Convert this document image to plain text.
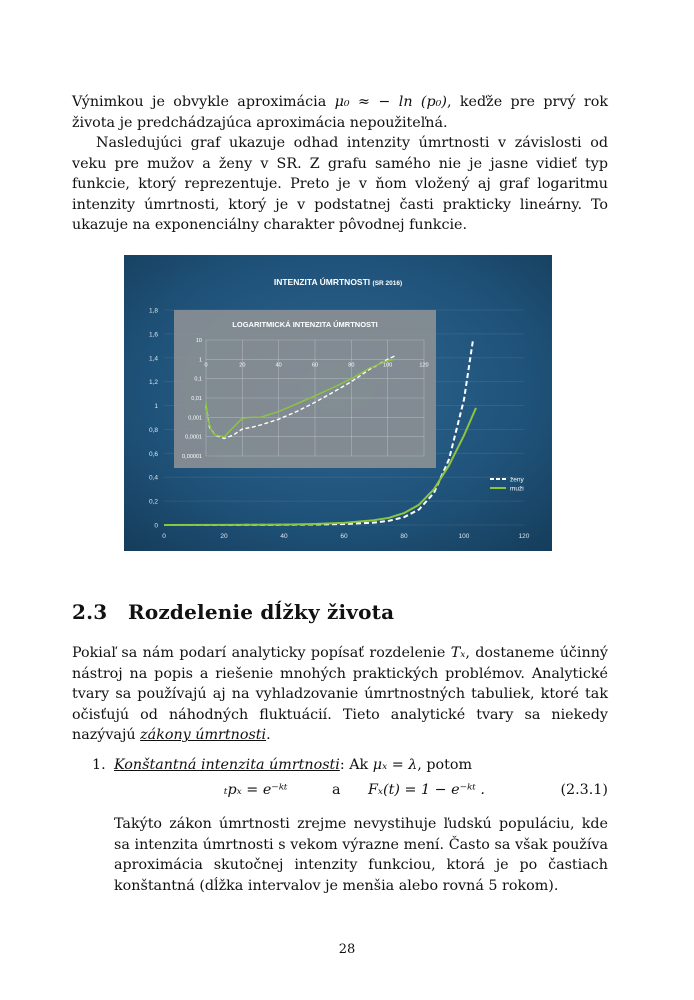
Výnimkou je obvykle aproximácia μ₀ ≈ − ln (p₀), keďže pre prvý rok života je predchádzajúca aproximácia nepoužiteľná.
Nasledujúci graf ukazuje odhad intenzity úmrtnosti v závislosti od veku pre mužov a ženy v SR. Z grafu samého nie je jasne vidieť typ funkcie, ktorý reprezentuje. Preto je v ňom vložený aj graf logaritmu intenzity úmrtnosti, ktorý je v podstatnej časti prakticky lineárny. To ukazuje na exponenciálny charakter pôvodnej funkcie.
INTENZITA ÚMRTNOSTI (SR 2016)
0
0,2
0,4
0,6
0,8
1
1,2
1,4
1,6
1,8
0	20	40	60	80	100	120
LOGARITMICKÁ INTENZITA ÚMRTNOSTI
10
1
0,1
0,01
0,001
0,0001
0,00001
0	20	40	60	80	100	120
ženy
muži
2.3 Rozdelenie dĺžky života
Pokiaľ sa nám podarí analyticky popísať rozdelenie Tₓ, dostaneme účinný nástroj na popis a riešenie mnohých praktických problémov. Analytické tvary sa používajú aj na vyhladzovanie úmrtnostných tabuliek, ktoré tak očisťujú od náhodných fluktuácií. Tieto analytické tvary sa niekedy nazývajú zákony úmrtnosti.
1. Konštantná intenzita úmrtnosti: Ak μₓ = λ, potom
ₜpₓ = e⁻ᵏᵗ	a Fₓ(t) = 1 − e⁻ᵏᵗ .	(2.3.1)
Takýto zákon úmrtnosti zrejme nevystihuje ľudskú populáciu, kde sa intenzita úmrtnosti s vekom výrazne mení. Často sa však používa aproximácia skutočnej intenzity funkciou, ktorá je po častiach konštantná (dĺžka intervalov je menšia alebo rovná 5 rokom).
28
